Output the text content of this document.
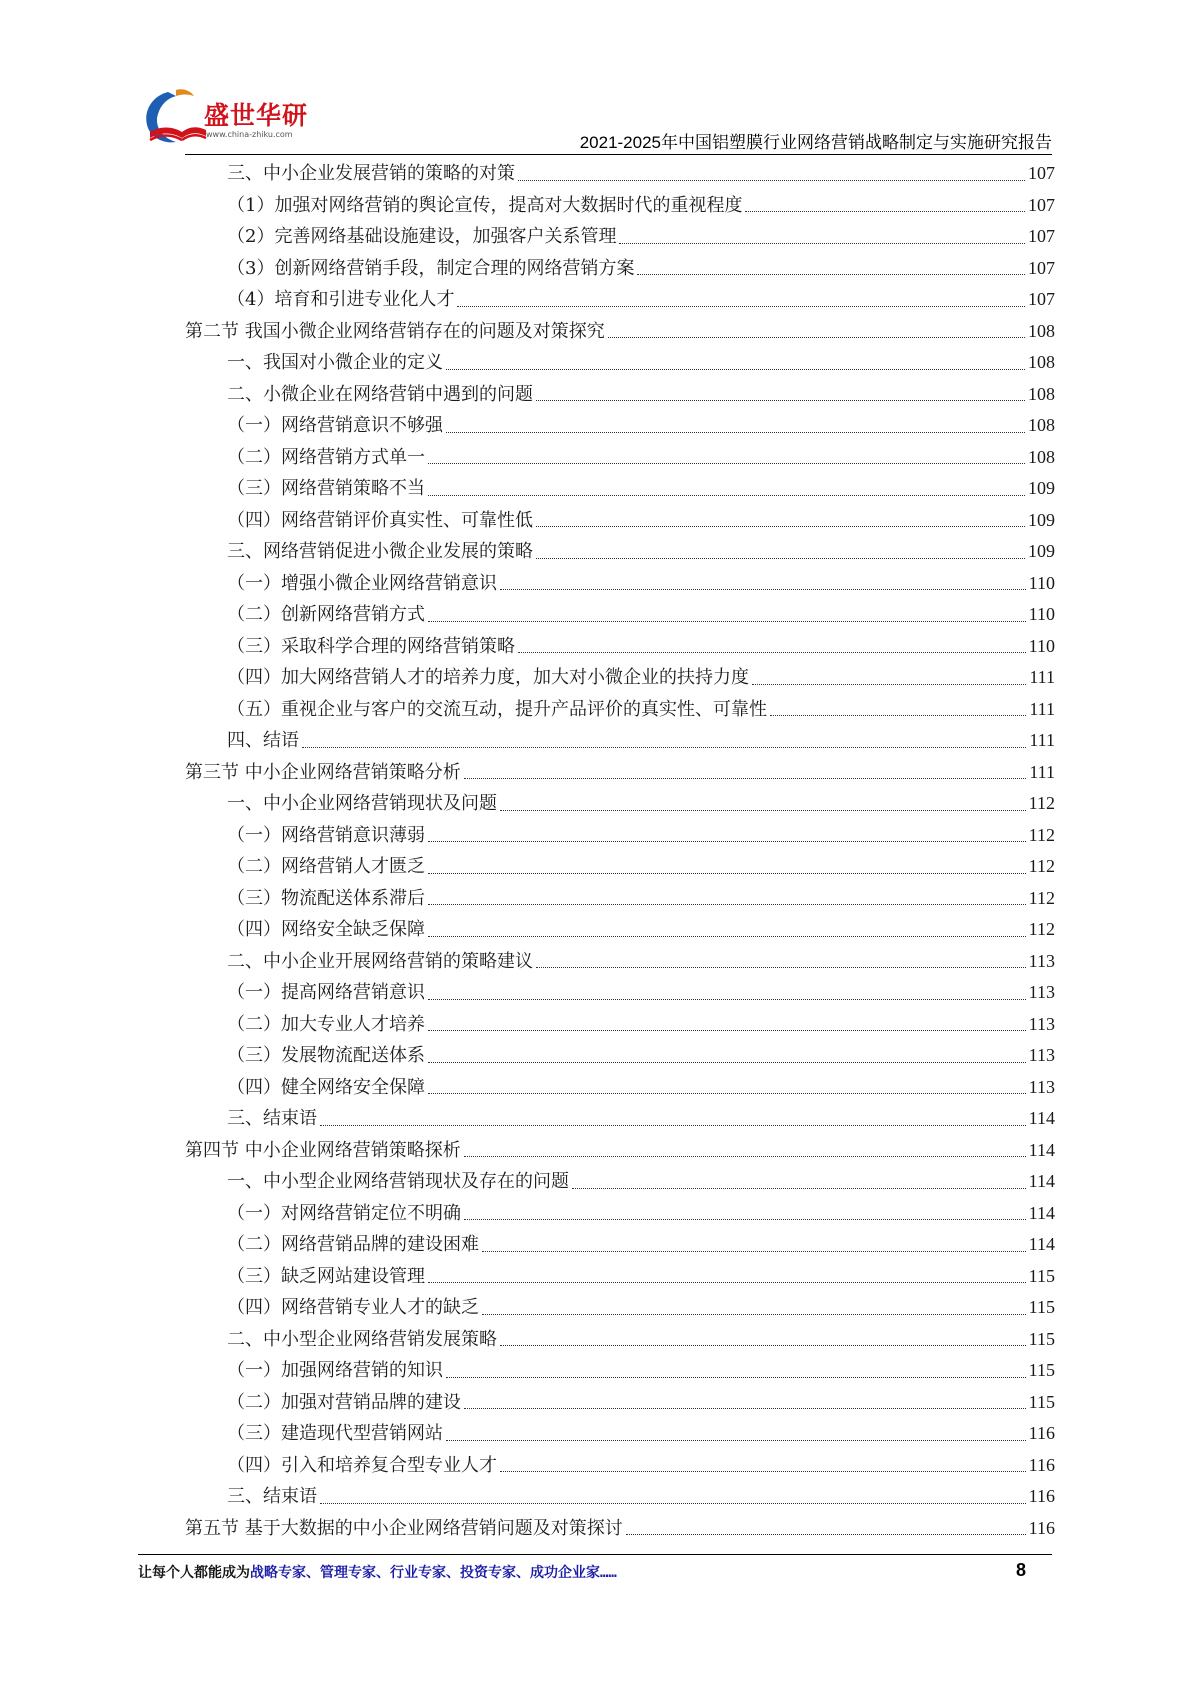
盛世华研
www.china-zhiku.com	2021-2025年中国铝塑膜行业网络营销战略制定与实施研究报告
三、中小企业发展营销的策略的对策	107
（1）加强对网络营销的舆论宣传，提高对大数据时代的重视程度	107
（2）完善网络基础设施建设，加强客户关系管理	107
（3）创新网络营销手段，制定合理的网络营销方案	107
（4）培育和引进专业化人才	107
第二节 我国小微企业网络营销存在的问题及对策探究	108
一、我国对小微企业的定义	108
二、小微企业在网络营销中遇到的问题	108
（一）网络营销意识不够强	108
（二）网络营销方式单一	108
（三）网络营销策略不当	109
（四）网络营销评价真实性、可靠性低	109
三、网络营销促进小微企业发展的策略	109
（一）增强小微企业网络营销意识	110
（二）创新网络营销方式	110
（三）采取科学合理的网络营销策略	110
（四）加大网络营销人才的培养力度，加大对小微企业的扶持力度	111
（五）重视企业与客户的交流互动，提升产品评价的真实性、可靠性	111
四、结语	111
第三节 中小企业网络营销策略分析	111
一、中小企业网络营销现状及问题	112
（一）网络营销意识薄弱	112
（二）网络营销人才匮乏	112
（三）物流配送体系滞后	112
（四）网络安全缺乏保障	112
二、中小企业开展网络营销的策略建议	113
（一）提高网络营销意识	113
（二）加大专业人才培养	113
（三）发展物流配送体系	113
（四）健全网络安全保障	113
三、结束语	114
第四节 中小企业网络营销策略探析	114
一、中小型企业网络营销现状及存在的问题	114
（一）对网络营销定位不明确	114
（二）网络营销品牌的建设困难	114
（三）缺乏网站建设管理	115
（四）网络营销专业人才的缺乏	115
二、中小型企业网络营销发展策略	115
（一）加强网络营销的知识	115
（二）加强对营销品牌的建设	115
（三）建造现代型营销网站	116
（四）引入和培养复合型专业人才	116
三、结束语	116
第五节 基于大数据的中小企业网络营销问题及对策探讨	116
让每个人都能成为战略专家、管理专家、行业专家、投资专家、成功企业家……	8
